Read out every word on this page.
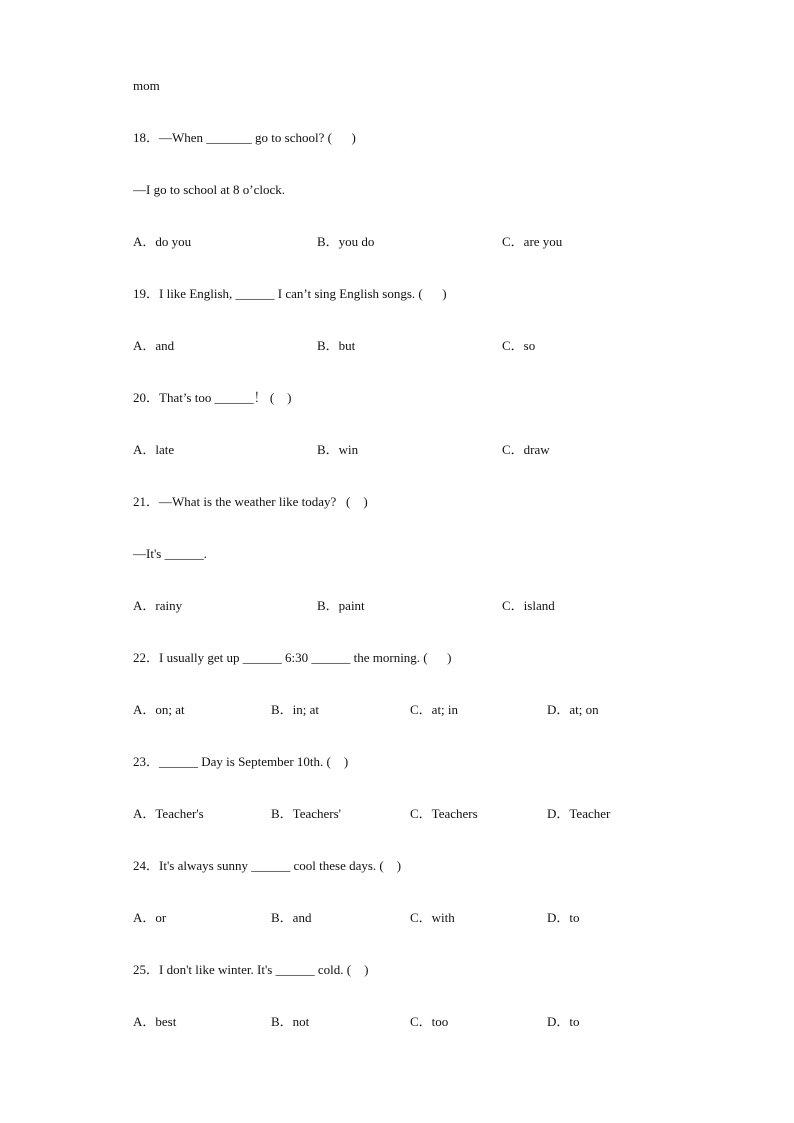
mom
18．—When _______ go to school? (      )
—I go to school at 8 o’clock.
A．do you	B．you do	C．are you
19．I like English, ______ I can’t sing English songs. (      )
A．and	B．but	C．so
20．That’s too ______！ (    )
A．late	B．win	C．draw
21．—What is the weather like today?   (    )
—It's ______.
A．rainy	B．paint	C．island
22．I usually get up ______ 6:30 ______ the morning. (      )
A．on; at	B．in; at	C．at; in	D．at; on
23．______ Day is September 10th. (    )
A．Teacher's	B．Teachers'	C．Teachers	D．Teacher
24．It's always sunny ______ cool these days. (    )
A．or	B．and	C．with	D．to
25．I don't like winter. It's ______ cold. (    )
A．best	B．not	C．too	D．to
